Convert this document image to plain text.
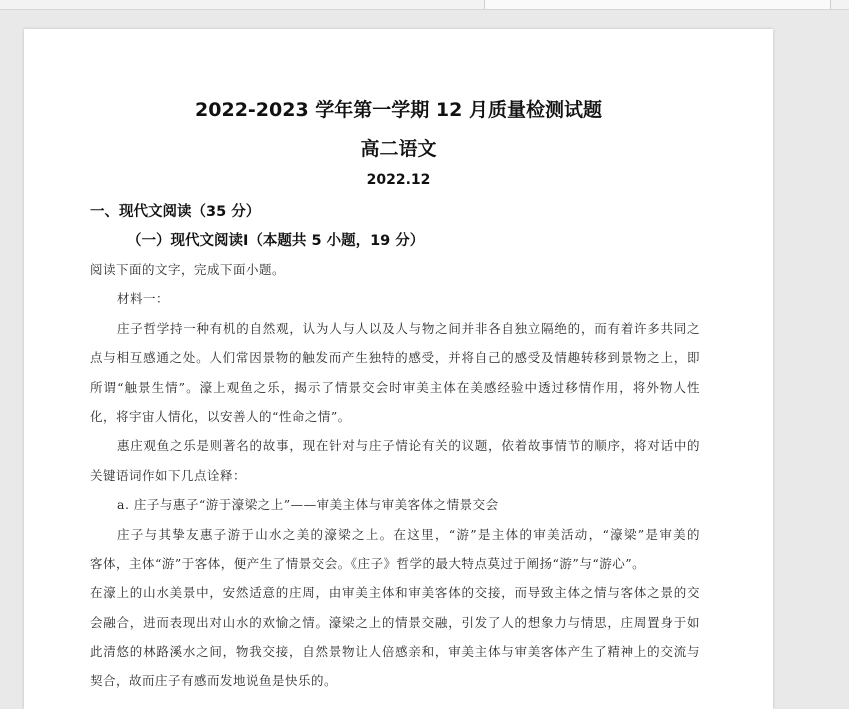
2022-2023 学年第一学期 12 月质量检测试题
高二语文
2022.12
一、现代文阅读（35 分）
（一）现代文阅读Ⅰ（本题共 5 小题，19 分）
阅读下面的文字，完成下面小题。
材料一：
庄子哲学持一种有机的自然观，认为人与人以及人与物之间并非各自独立隔绝的，而有着许多共同之
点与相互感通之处。人们常因景物的触发而产生独特的感受，并将自己的感受及情趣转移到景物之上，即
所谓“触景生情”。濠上观鱼之乐，揭示了情景交会时审美主体在美感经验中透过移情作用，将外物人性
化，将宇宙人情化，以安善人的“性命之情”。
惠庄观鱼之乐是则著名的故事，现在针对与庄子情论有关的议题，依着故事情节的顺序，将对话中的
关键语词作如下几点诠释：
a. 庄子与惠子“游于濠梁之上”——审美主体与审美客体之情景交会
庄子与其挚友惠子游于山水之美的濠梁之上。在这里，“游”是主体的审美活动，“濠梁”是审美的
客体，主体“游”于客体，便产生了情景交会。《庄子》哲学的最大特点莫过于阐扬“游”与“游心”。
在濠上的山水美景中，安然适意的庄周，由审美主体和审美客体的交接，而导致主体之情与客体之景的交
会融合，进而表现出对山水的欢愉之情。濠梁之上的情景交融，引发了人的想象力与情思，庄周置身于如
此清悠的林路溪水之间，物我交接，自然景物让人倍感亲和，审美主体与审美客体产生了精神上的交流与
契合，故而庄子有感而发地说鱼是快乐的。
